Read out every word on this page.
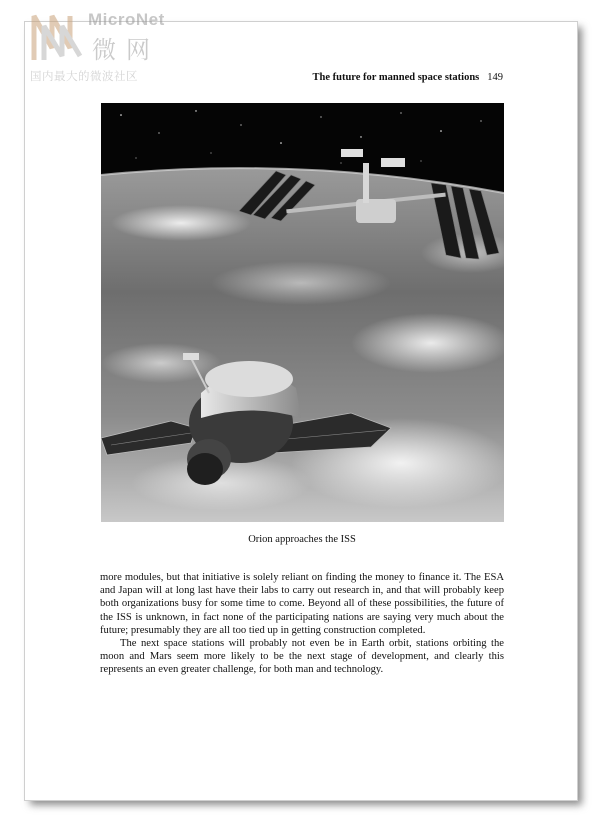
MicroNet
微网
国内最大的微波社区	The future for manned space stations 149
Orion approaches the ISS

more modules, but that initiative is solely reliant on finding the money to finance it. The ESA and Japan will at long last have their labs to carry out research in, and that will probably keep both organizations busy for some time to come. Beyond all of these possibilities, the future of the ISS is unknown, in fact none of the participating nations are saying very much about the future; presumably they are all too tied up in getting construction completed.

The next space stations will probably not even be in Earth orbit, stations orbiting the moon and Mars seem more likely to be the next stage of development, and clearly this represents an even greater challenge, for both man and technology.
